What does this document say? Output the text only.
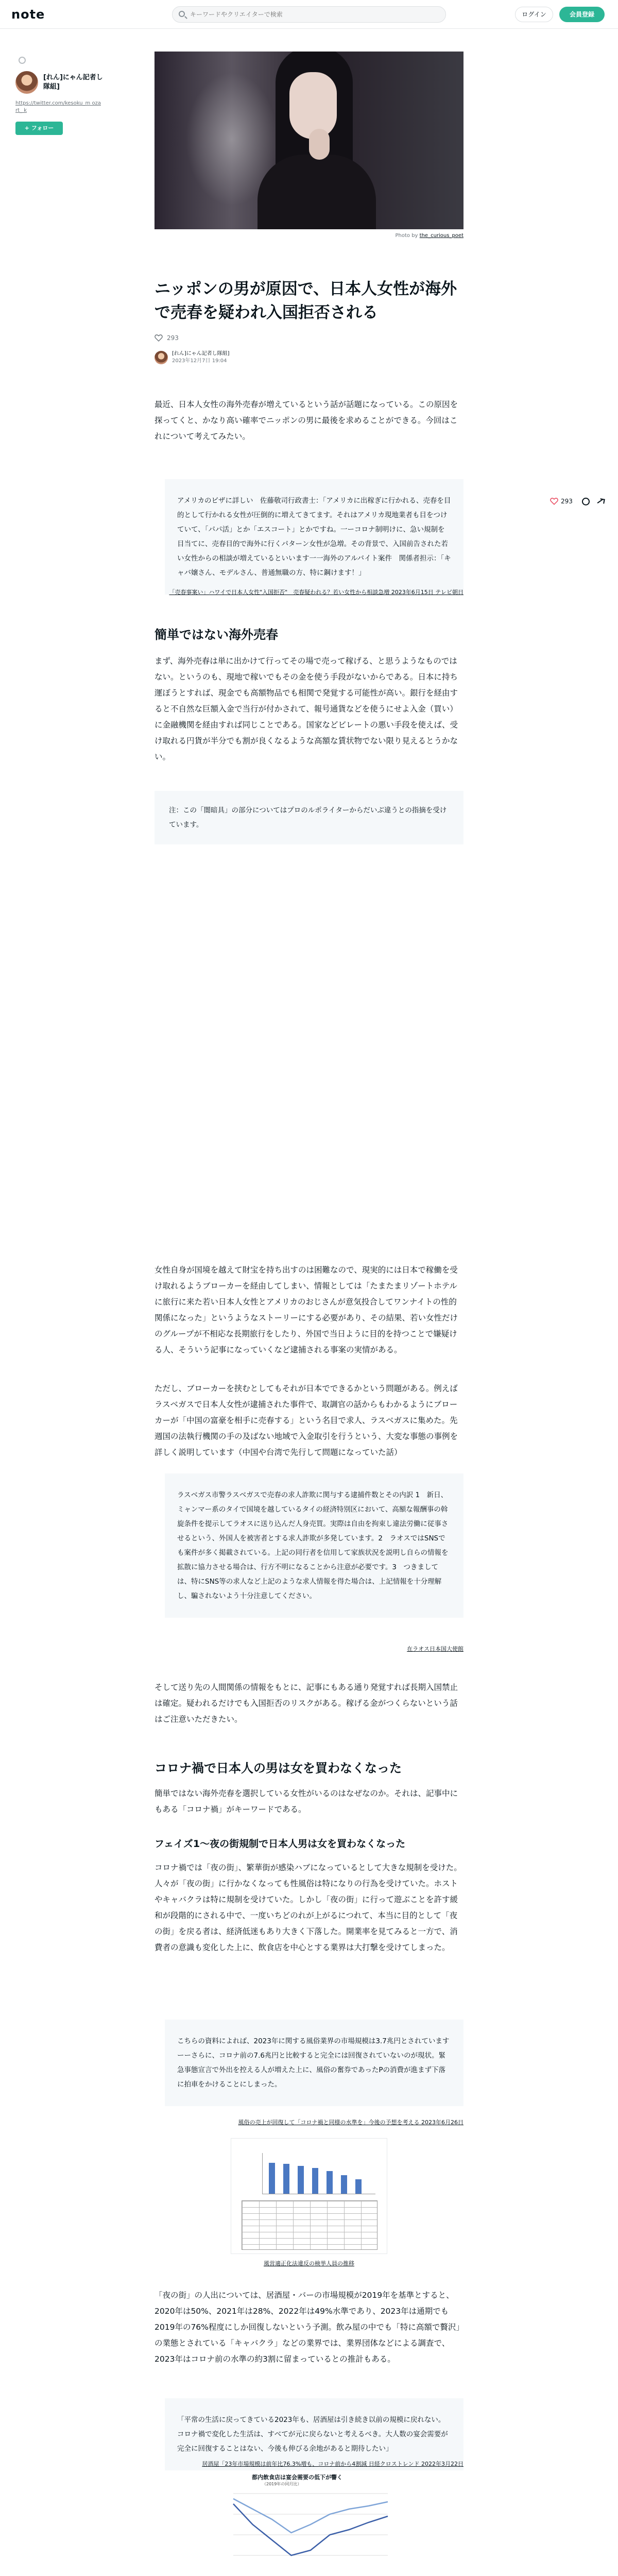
note
キーワードやクリエイターで検索	ログイン	会員登録
[れん]にゃん記者し隊組]
https://twitter.com/kesoku_m ozart_ k
+ フォロー
Photo by the_curious_poet
ニッポンの男が原因で、日本人女性が海外で売春を疑われ入国拒否される
293
[れん]にゃん記者し隊組]
2023年12月7日 19:04

最近、日本人女性の海外売春が増えているという話が話題になっている。この原因を探ってくと、かなり高い確率でニッポンの男に最後を求めることができる。今回はこれについて考えてみたい。

アメリカのビザに詳しい　佐藤敬司行政書士：「アメリカに出稼ぎに行かれる、売春を目的として行かれる女性が圧倒的に増えてきてます。それはアメリカ現地業者も目をつけていて、「パパ活」とか「エスコート」とかですね。一ーコロナ制明けに、急い規制を目当てに、売春目的で海外に行くパターン女性が急増。その背景で、入国前告された若い女性からの相談が増えているといいます一一海外のアルバイト案件　関係者担示：「キャバ嬢さん、モデルさん、普通無職の方、特に鋼けます！」
「売春事案い」ハワイで日本人女性"入国拒否"　売春疑われる？若い女性から相談急増 2023年6月15日 テレビ朝日
簡単ではない海外売春

まず、海外売春は単に出かけて行ってその場で売って稼げる、と思うようなものではない。というのも、現地で稼いでもその金を使う手段がないからである。日本に持ち運ぼうとすれば、現金でも高額物品でも相関で発覚する可能性が高い。銀行を経由すると不自然な巨額入金で当行が付かされて、報号通貨などを使うにせよ入金（買い）に金融機関を経由すれば同じことである。国家などビレートの悪い手段を使えば、受け取れる円貨が半分でも割が良くなるような高額な賃状物でない限り見えるとうかない。

注：この「闇暗具」の部分についてはプロのルポライターからだいぶ違うとの指摘を受けています。

女性自身が国境を越えて財宝を持ち出すのは困難なので、現実的には日本で稼働を受け取れるようブローカーを経由してしまい、情報としては「たまたまリゾートホテルに旅行に来た若い日本人女性とアメリカのおじさんが意気投合してワンナイトの性的関係になった」というようなストーリーにする必要があり、その結果、若い女性だけのグループが不相応な長期旅行をしたり、外国で当日ように目的を持つことで嫌疑ける人、そういう記事になっていくなど逮捕される事案の実情がある。

ただし、ブローカーを挟むとしてもそれが日本でできるかという問題がある。例えばラスベガスで日本人女性が逮捕された事件で、取調官の話からもわかるようにブローカーが「中国の富豪を相手に売春する」という名目で求人、ラスベガスに集めた。先週国の法執行機関の手の及ばない地域で入金取引を行うという、大変な事態の事例を詳しく説明しています（中国や台湾で先行して問題になっていた話）

ラスベガス市警ラスベガスで売春の求人詐欺に関与する逮捕件数とその内訳 1　新日、ミャンマー系のタイで国境を越しているタイの経済特別区において、高額な報酬事の斡旋条件を提示してラオスに送り込んだ人身売買。実際は自由を拘束し違法労働に従事させるという、外国人を被害者とする求人詐欺が多発しています。2　ラオスではSNSでも案件が多く掲載されている。上記の同行者を信用して家族状況を説明し自らの情報を拡散に協力させる場合は、行方不明になることから注意が必要です。3　つきましては、特にSNS等の求人など上記のような求人情報を得た場合は、上記情報を十分理解し、騙されないよう十分注意してください。
在ラオス日本国大使館

そして送り先の人間関係の情報をもとに、記事にもある通り発覚すれば長期入国禁止は確定。疑われるだけでも入国拒否のリスクがある。稼げる金がつくらないという話はご注意いただきたい。

コロナ禍で日本人の男は女を買わなくなった

簡単ではない海外売春を選択している女性がいるのはなぜなのか。それは、記事中にもある「コロナ禍」がキーワードである。

フェイズ1〜夜の街規制で日本人男は女を買わなくなった

コロナ禍では「夜の街」、繁華街が感染ハブになっているとして大きな規制を受けた。人々が「夜の街」に行かなくなっても性風俗は特になりの行為を受けていた。ホストやキャバクラは特に規制を受けていた。しかし「夜の街」に行って遊ぶことを許す緩和が段階的にされる中で、一度いちどのれが上がるにつれて、本当に目的として「夜の街」を戻る者は、経済低迷もあり大きく下落した。開業率を見てみると一方で、消費者の意識も変化した上に、飲食店を中心とする業界は大打撃を受けてしまった。

こちらの資料によれば、2023年に関する風俗業界の市場規模は3.7兆円とされていますーーさらに、コロナ前の7.6兆円と比較すると完全には回復されていないのが現状。緊急事態宣言で外出を控える人が増えた上に、風俗の奮券であったPの消費が進まず下落に拍車をかけることにしまった。
風俗の売上が回復して「コロナ禍と同様の水準を」今後の予想を考える 2023年6月26日
風営適正化法違反の検挙人員の推移

「夜の街」の人出については、居酒屋・バーの市場規模が2019年を基準とすると、2020年は50%、2021年は28%、2022年は49%水準であり、2023年は通期でも2019年の76%程度にしか回復しないという予測。飲み屋の中でも「特に高額で贅沢」の業態とされている「キャバクラ」などの業界では、業界団体などによる調査で、2023年はコロナ前の水準の約3割に留まっているとの推計もある。

「平常の生活に戻ってきている2023年も、居酒屋は引き続き以前の規模に戻れない。コロナ禍で変化した生活は、すべてが元に戻らないと考えるべき。大人数の宴会需要が完全に回復することはない、今後も伸びる余地があると期待したい」
居酒屋「23年市場規模は前年比76.3%増も、コロナ前から4割減 日経クロストレンド 2022年3月22日
都内飲食店は宴会需要の低下が響く
（2019年の同月比）
293
